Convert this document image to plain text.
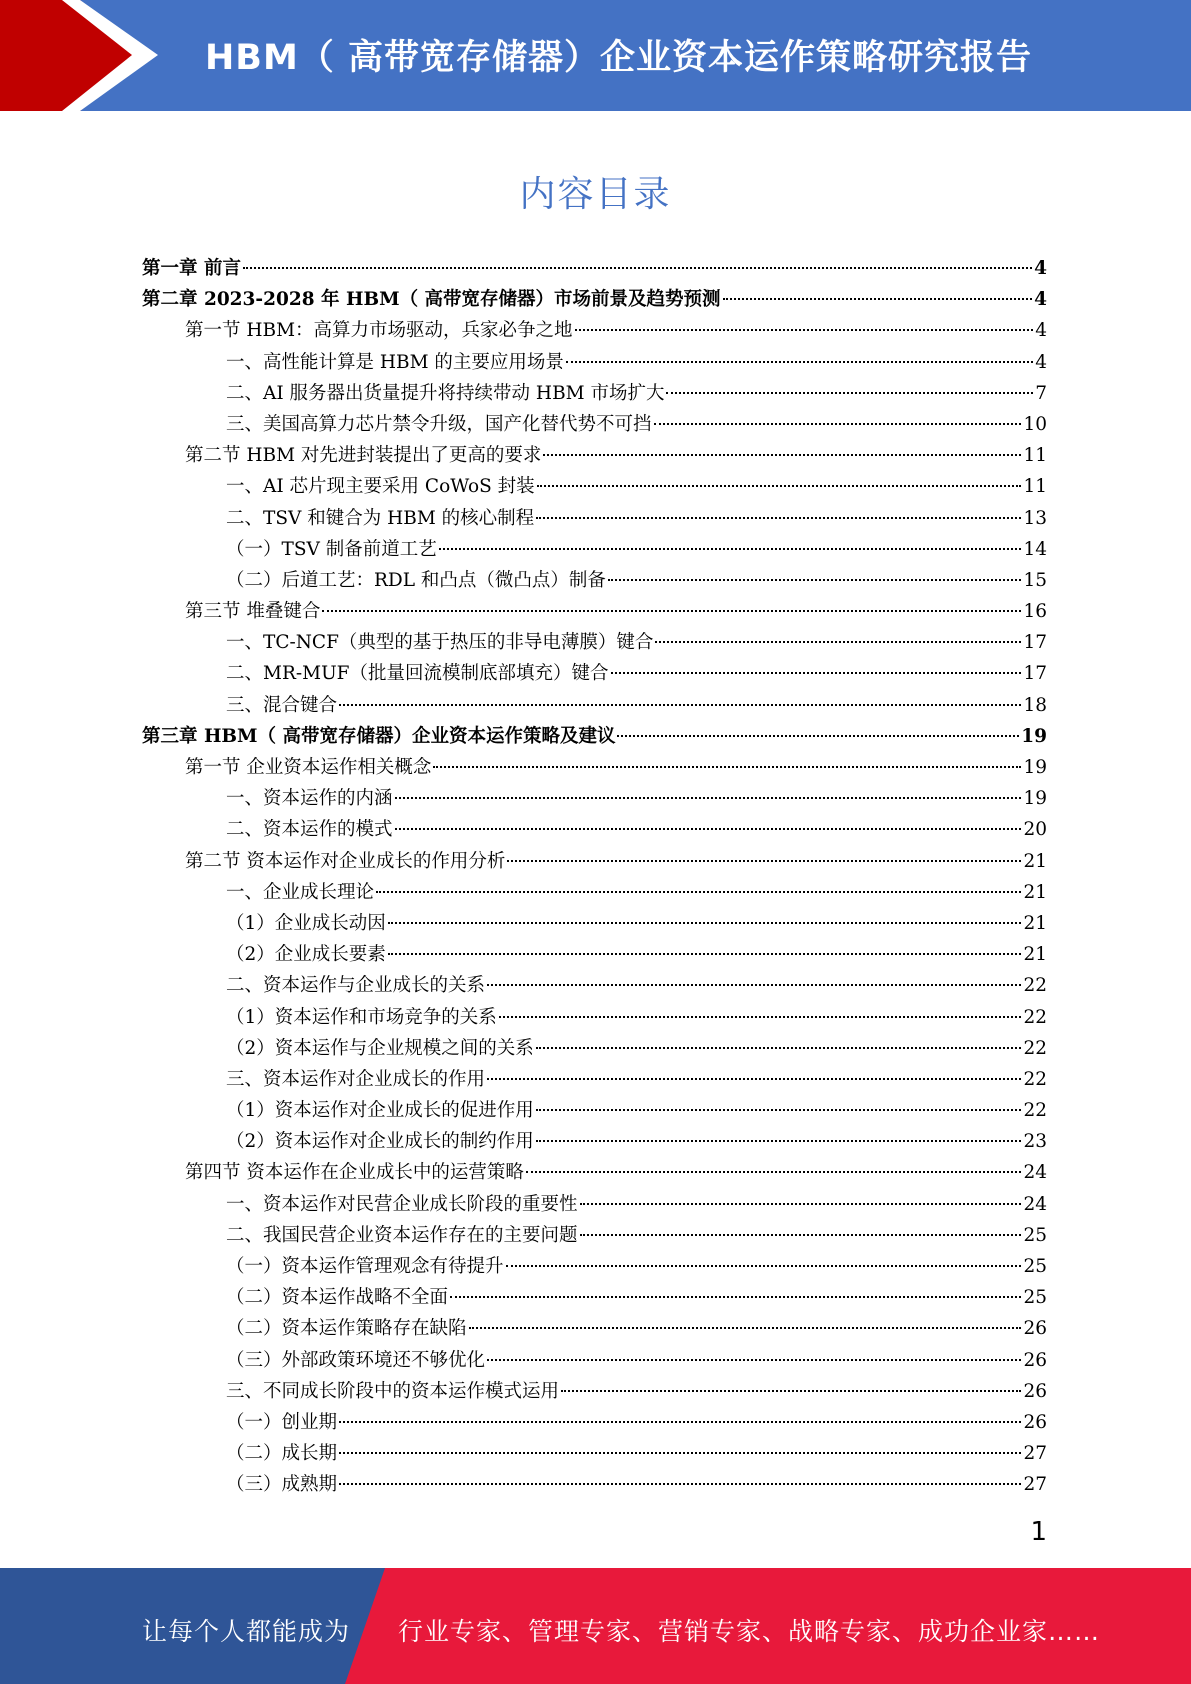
HBM（ 高带宽存储器）企业资本运作策略研究报告
内容目录
第一章 前言	4
第二章 2023-2028 年 HBM（ 高带宽存储器）市场前景及趋势预测	4
第一节 HBM：高算力市场驱动，兵家必争之地	4
一、高性能计算是 HBM 的主要应用场景	4
二、AI 服务器出货量提升将持续带动 HBM 市场扩大	7
三、美国高算力芯片禁令升级，国产化替代势不可挡	10
第二节 HBM 对先进封装提出了更高的要求	11
一、AI 芯片现主要采用 CoWoS 封装	11
二、TSV 和键合为 HBM 的核心制程	13
（一）TSV 制备前道工艺	14
（二）后道工艺：RDL 和凸点（微凸点）制备	15
第三节 堆叠键合	16
一、TC-NCF（典型的基于热压的非导电薄膜）键合	17
二、MR-MUF（批量回流模制底部填充）键合	17
三、混合键合	18
第三章 HBM（ 高带宽存储器）企业资本运作策略及建议	19
第一节 企业资本运作相关概念	19
一、资本运作的内涵	19
二、资本运作的模式	20
第二节 资本运作对企业成长的作用分析	21
一、企业成长理论	21
（1）企业成长动因	21
（2）企业成长要素	21
二、资本运作与企业成长的关系	22
（1）资本运作和市场竞争的关系	22
（2）资本运作与企业规模之间的关系	22
三、资本运作对企业成长的作用	22
（1）资本运作对企业成长的促进作用	22
（2）资本运作对企业成长的制约作用	23
第四节 资本运作在企业成长中的运营策略	24
一、资本运作对民营企业成长阶段的重要性	24
二、我国民营企业资本运作存在的主要问题	25
（一）资本运作管理观念有待提升	25
（二）资本运作战略不全面	25
（二）资本运作策略存在缺陷	26
（三）外部政策环境还不够优化	26
三、不同成长阶段中的资本运作模式运用	26
（一）创业期	26
（二）成长期	27
（三）成熟期	27
1
让每个人都能成为 行业专家、管理专家、营销专家、战略专家、成功企业家……
